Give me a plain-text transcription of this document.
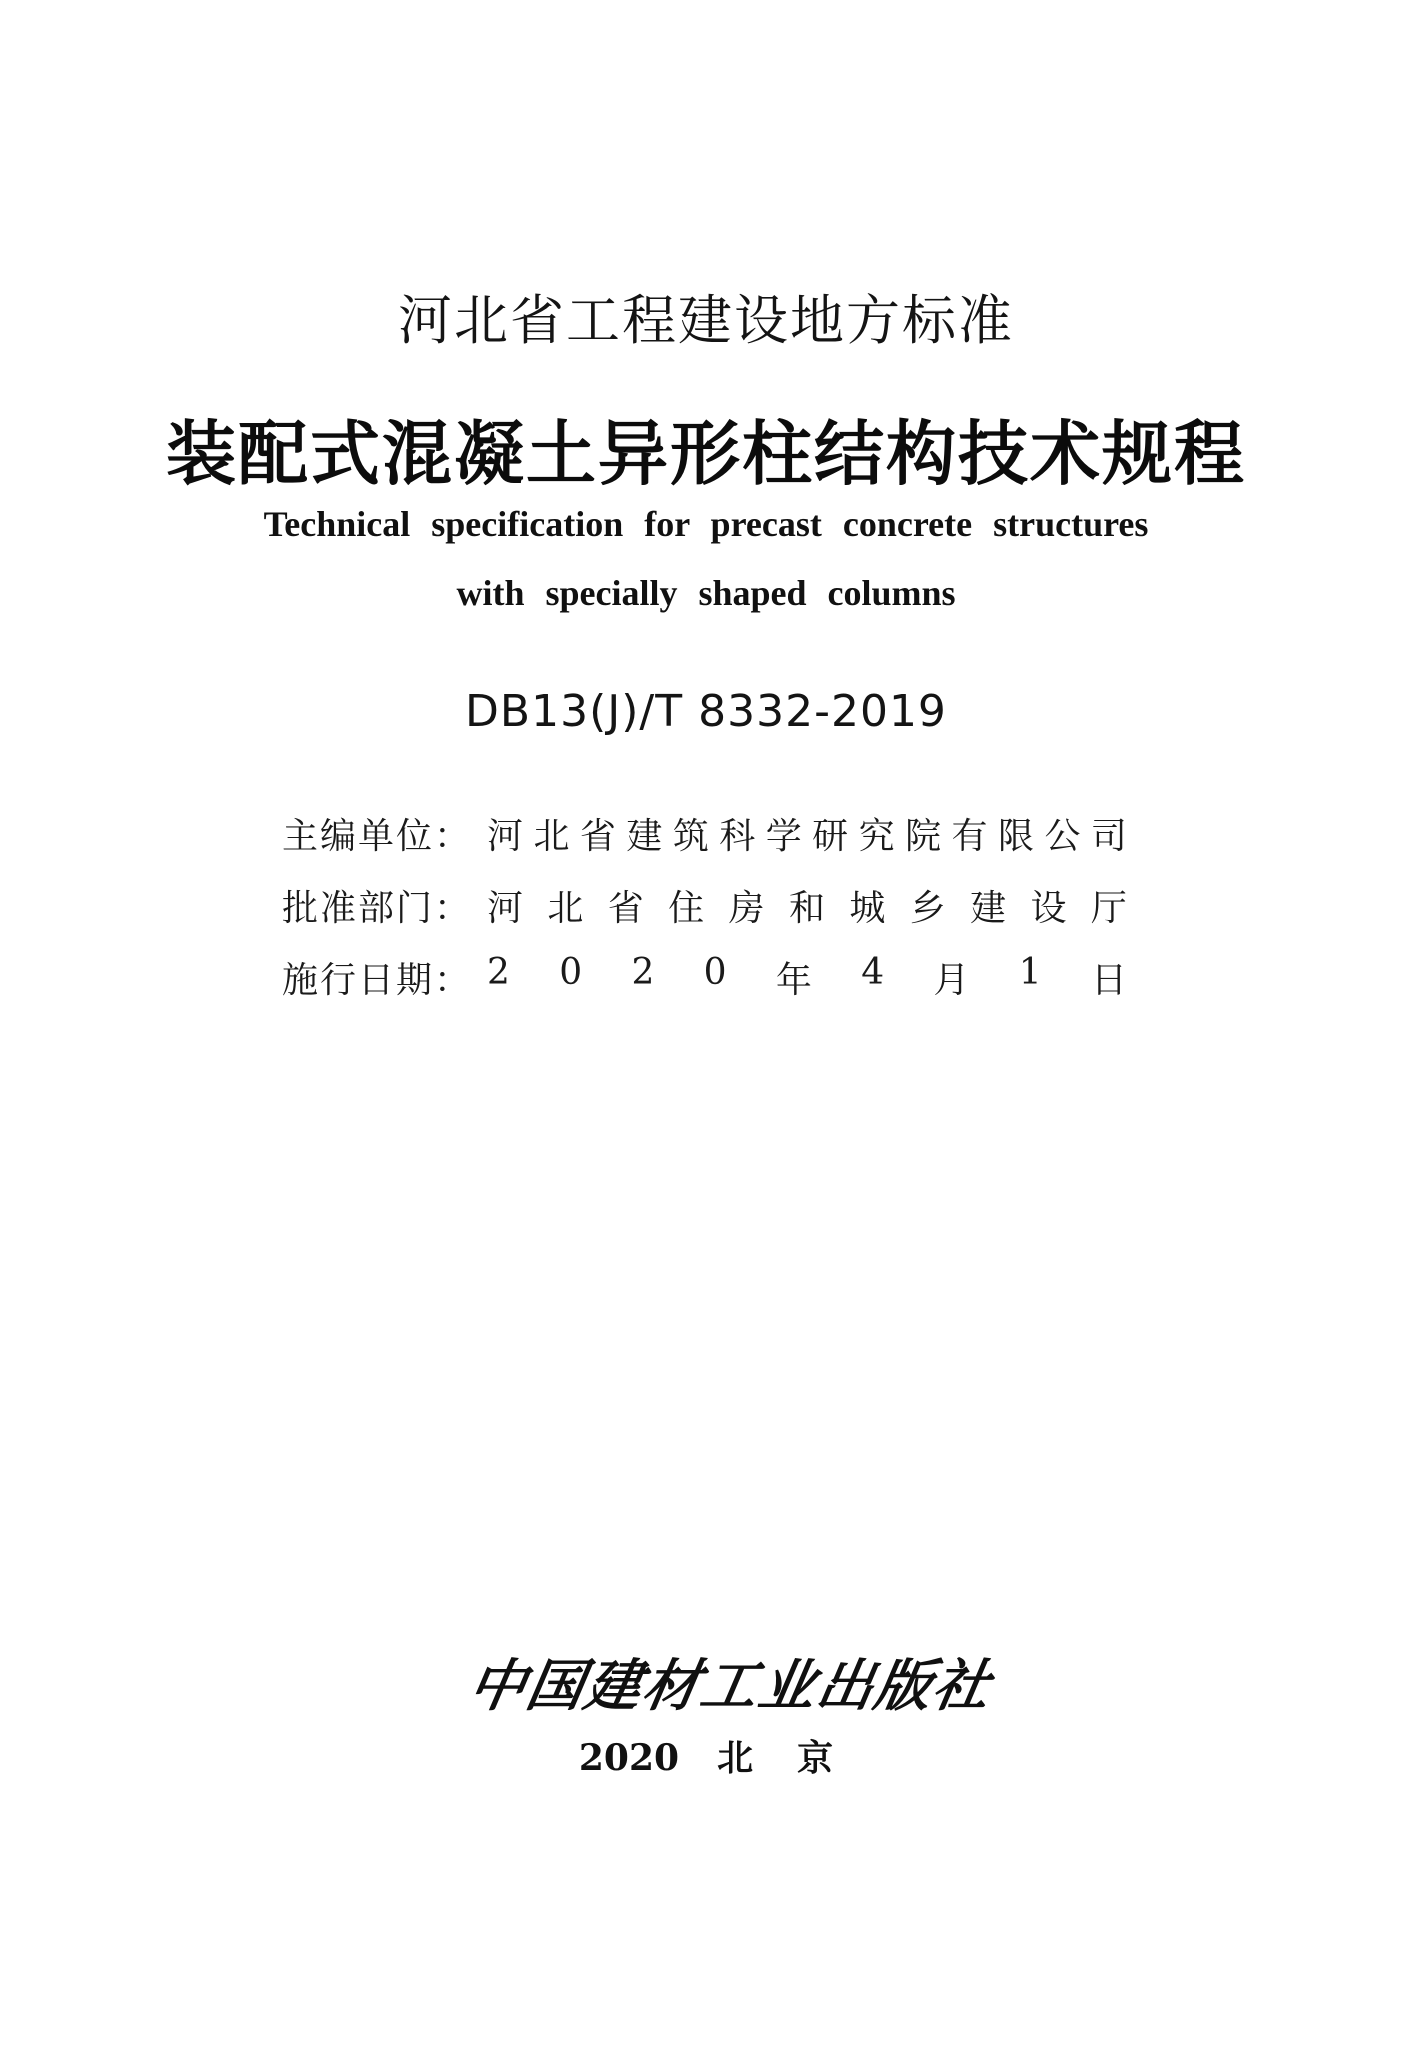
河北省工程建设地方标准
装配式混凝土异形柱结构技术规程
Technical specification for precast concrete structures
with specially shaped columns
DB13(J)/T 8332-2019
主编单位： 河 北 省 建 筑 科 学 研 究 院 有 限 公 司
批准部门： 河 北 省 住 房 和 城 乡 建 设 厅
施行日期： 2 0 2 0 年 4 月 1 日
中国建材工业出版社
2020 北 京
